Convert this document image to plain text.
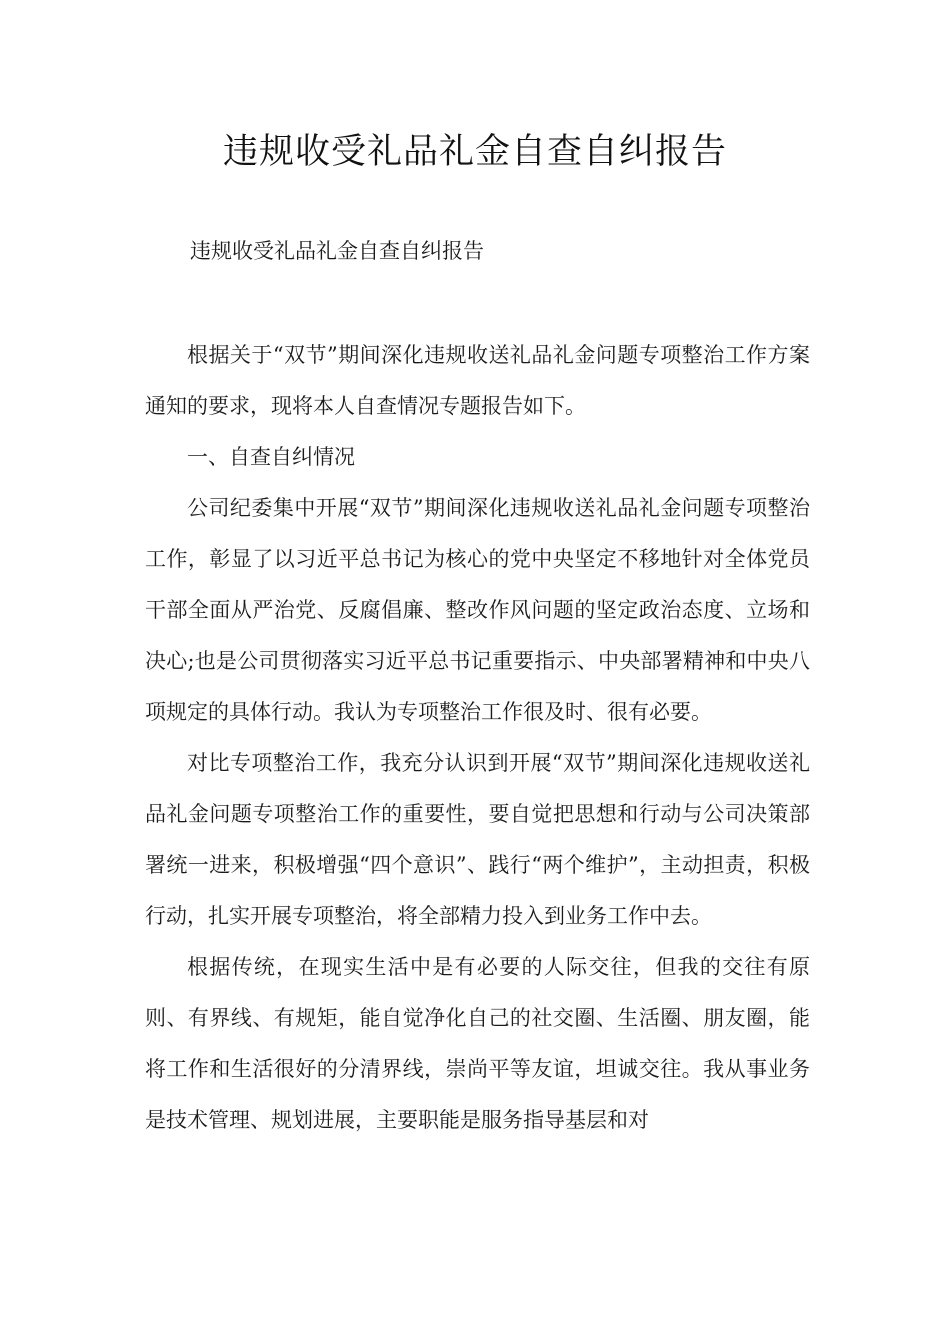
违规收受礼品礼金自查自纠报告

违规收受礼品礼金自查自纠报告

根据关于“双节”期间深化违规收送礼品礼金问题专项整治工作方案通知的要求，现将本人自查情况专题报告如下。

一、自查自纠情况

公司纪委集中开展“双节”期间深化违规收送礼品礼金问题专项整治工作，彰显了以习近平总书记为核心的党中央坚定不移地针对全体党员干部全面从严治党、反腐倡廉、整改作风问题的坚定政治态度、立场和决心;也是公司贯彻落实习近平总书记重要指示、中央部署精神和中央八项规定的具体行动。我认为专项整治工作很及时、很有必要。

对比专项整治工作，我充分认识到开展“双节”期间深化违规收送礼品礼金问题专项整治工作的重要性，要自觉把思想和行动与公司决策部署统一进来，积极增强“四个意识”、践行“两个维护”，主动担责，积极行动，扎实开展专项整治，将全部精力投入到业务工作中去。

根据传统，在现实生活中是有必要的人际交往，但我的交往有原则、有界线、有规矩，能自觉净化自己的社交圈、生活圈、朋友圈，能将工作和生活很好的分清界线，崇尚平等友谊，坦诚交往。我从事业务是技术管理、规划进展，主要职能是服务指导基层和对
